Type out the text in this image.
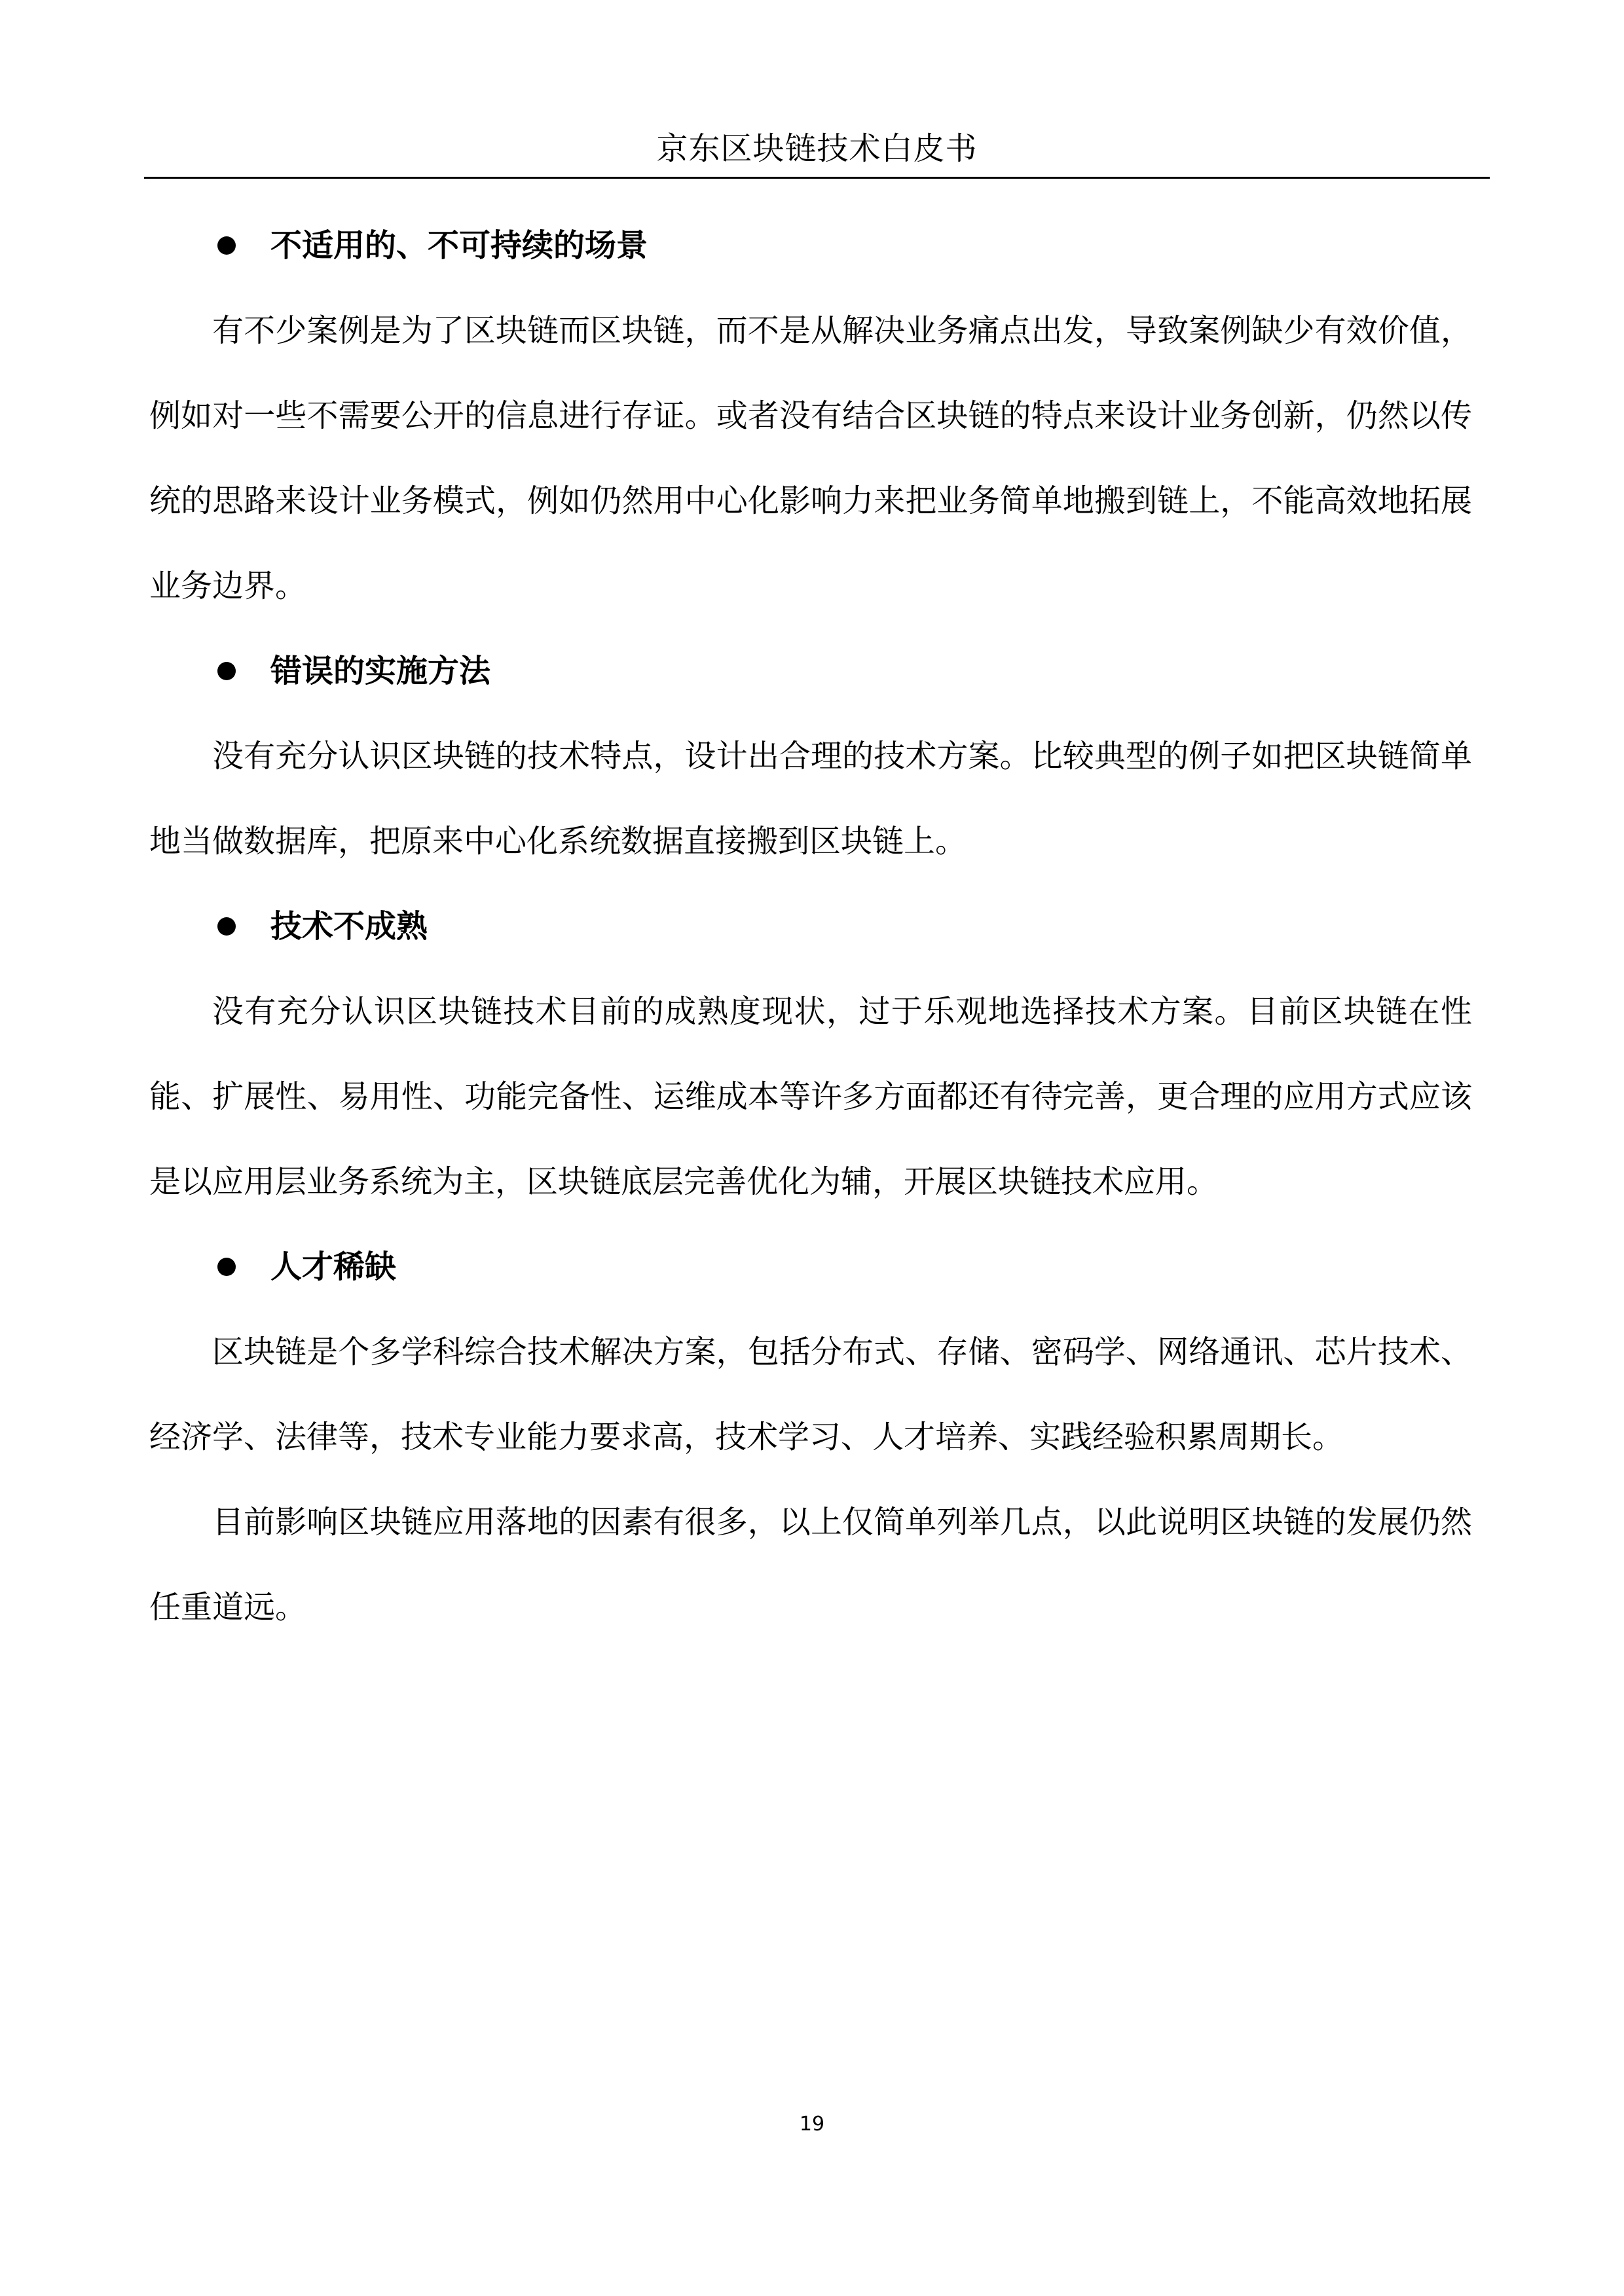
京东区块链技术白皮书
不适用的、不可持续的场景

有不少案例是为了区块链而区块链，而不是从解决业务痛点出发，导致案例缺少有效价值，例如对一些不需要公开的信息进行存证。或者没有结合区块链的特点来设计业务创新，仍然以传统的思路来设计业务模式，例如仍然用中心化影响力来把业务简单地搬到链上，不能高效地拓展业务边界。

错误的实施方法

没有充分认识区块链的技术特点，设计出合理的技术方案。比较典型的例子如把区块链简单地当做数据库，把原来中心化系统数据直接搬到区块链上。

技术不成熟

没有充分认识区块链技术目前的成熟度现状，过于乐观地选择技术方案。目前区块链在性能、扩展性、易用性、功能完备性、运维成本等许多方面都还有待完善，更合理的应用方式应该是以应用层业务系统为主，区块链底层完善优化为辅，开展区块链技术应用。

人才稀缺

区块链是个多学科综合技术解决方案，包括分布式、存储、密码学、网络通讯、芯片技术、经济学、法律等，技术专业能力要求高，技术学习、人才培养、实践经验积累周期长。

目前影响区块链应用落地的因素有很多，以上仅简单列举几点，以此说明区块链的发展仍然任重道远。

19
